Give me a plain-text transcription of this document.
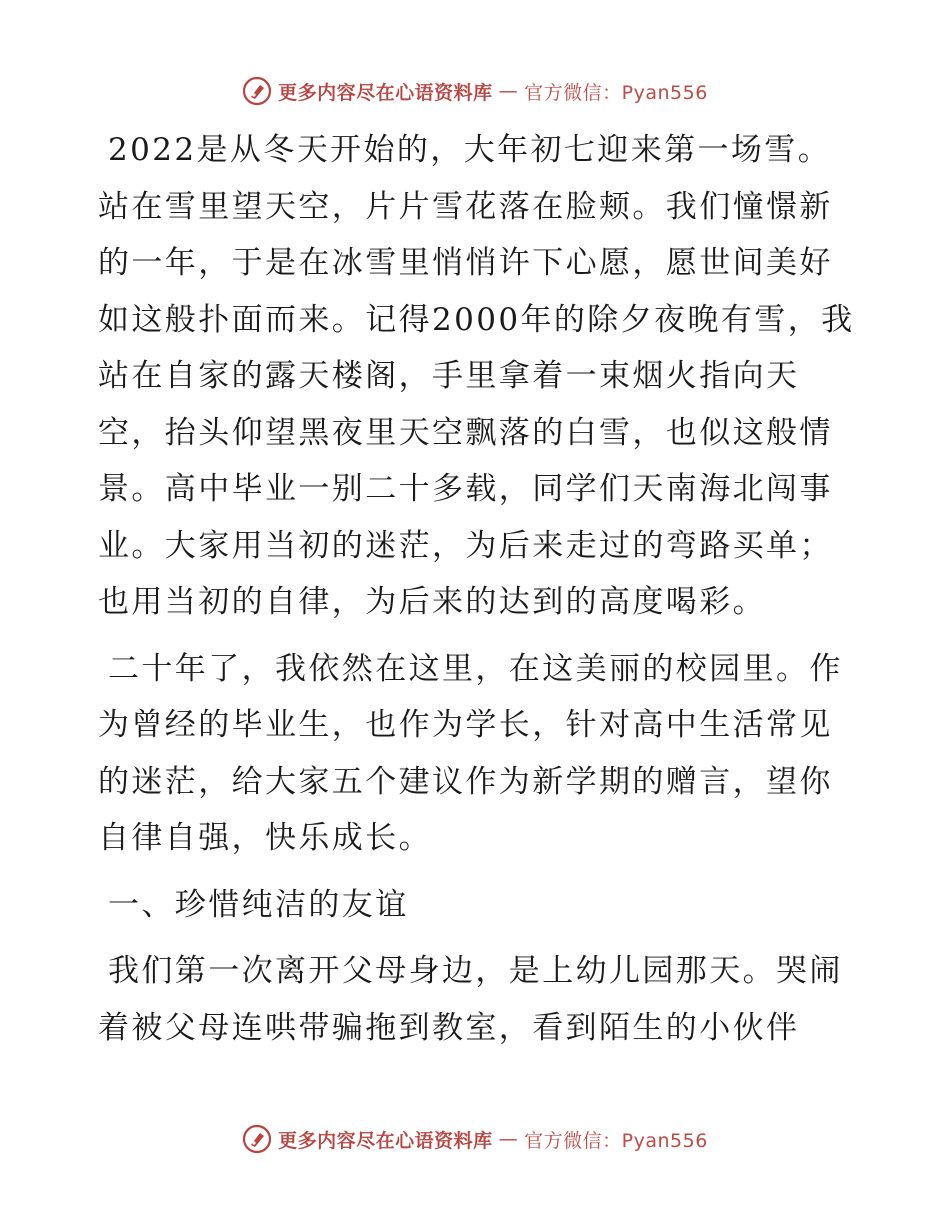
更多内容尽在心语资料库 — 官方微信：Pyan556

2022是从冬天开始的，大年初七迎来第一场雪。站在雪里望天空，片片雪花落在脸颊。我们憧憬新的一年，于是在冰雪里悄悄许下心愿，愿世间美好如这般扑面而来。记得2000年的除夕夜晚有雪，我站在自家的露天楼阁，手里拿着一束烟火指向天空，抬头仰望黑夜里天空飘落的白雪，也似这般情景。高中毕业一别二十多载，同学们天南海北闯事业。大家用当初的迷茫，为后来走过的弯路买单；也用当初的自律，为后来的达到的高度喝彩。

二十年了，我依然在这里，在这美丽的校园里。作为曾经的毕业生，也作为学长，针对高中生活常见的迷茫，给大家五个建议作为新学期的赠言，望你自律自强，快乐成长。

一、珍惜纯洁的友谊

我们第一次离开父母身边，是上幼儿园那天。哭闹着被父母连哄带骗拖到教室，看到陌生的小伙伴

更多内容尽在心语资料库 — 官方微信：Pyan556
